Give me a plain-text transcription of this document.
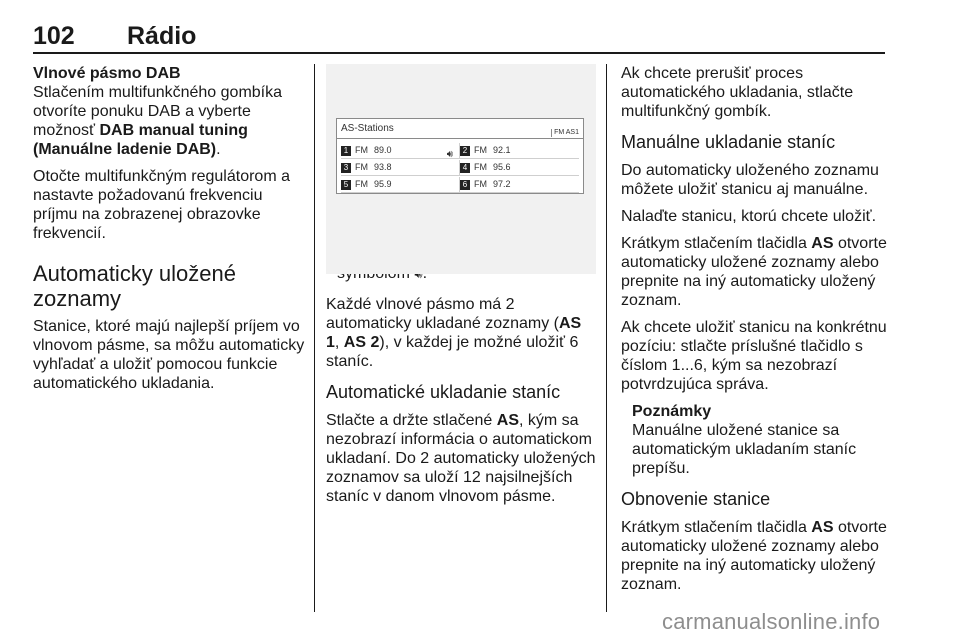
102 Rádio

Vlnové pásmo DAB

Stlačením multifunkčného gombíka otvoríte ponuku DAB a vyberte možnosť DAB manual tuning (Manuálne ladenie DAB).

Otočte multifunkčným regulátorom a nastavte požadovanú frekvenciu príjmu na zobrazenej obrazovke frekvencií.

Automaticky uložené zoznamy

Stanice, ktoré majú najlepší príjem vo vlnovom pásme, sa môžu automaticky vyhľadať a uložiť pomocou funkcie automatického ukladania.

AS-Stations	FM AS1
1 FM 89.0	🔊︎	2 FM 92.1
3 FM 93.8	4 FM 95.6
5 FM 95.9	6 FM 97.2

Každé vlnové pásmo má 2 automaticky ukladané zoznamy (AS 1, AS 2), v každej je možné uložiť 6 staníc.

Automatické ukladanie staníc

Stlačte a držte stlačené AS, kým sa nezobrazí informácia o automatickom ukladaní. Do 2 automaticky uložených zoznamov sa uloží 12 najsilnejších staníc v danom vlnovom pásme.

Ak chcete prerušiť proces automatického ukladania, stlačte multifunkčný gombík.

Manuálne ukladanie staníc

Do automaticky uloženého zoznamu môžete uložiť stanicu aj manuálne.

Nalaďte stanicu, ktorú chcete uložiť.

Krátkym stlačením tlačidla AS otvorte automaticky uložené zoznamy alebo prepnite na iný automaticky uložený zoznam.

Ak chcete uložiť stanicu na konkrétnu pozíciu: stlačte príslušné tlačidlo s číslom 1...6, kým sa nezobrazí potvrdzujúca správa.

Poznámky
Manuálne uložené stanice sa automatickým ukladaním staníc prepíšu.
Obnovenie stanice

Krátkym stlačením tlačidla AS otvorte automaticky uložené zoznamy alebo prepnite na iný automaticky uložený zoznam.

carmanualsonline.info
